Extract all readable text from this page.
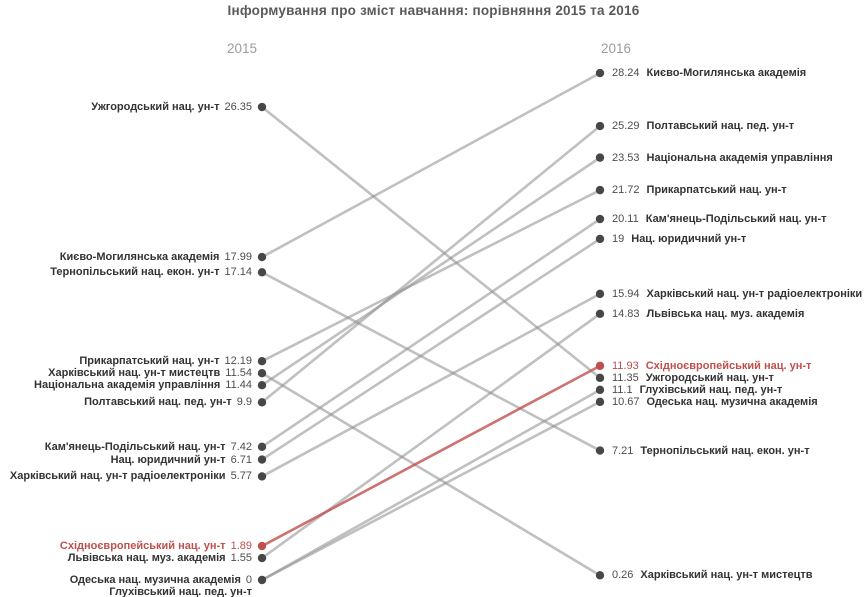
Інформування про зміст навчання: порівняння 2015 та 2016
2015	2016
Києво-Могилянська академія 17.99
28.24 Києво-Могилянська академія
Полтавський нац. пед. ун-т 9.9
25.29 Полтавський нац. пед. ун-т
Національна академія управління 11.44
23.53 Національна академія управління
Прикарпатський нац. ун-т 12.19
21.72 Прикарпатський нац. ун-т
Кам'янець-Подільський нац. ун-т 7.42
20.11 Кам'янець-Подільський нац. ун-т
Нац. юридичний ун-т 6.71
19 Нац. юридичний ун-т
Харківський нац. ун-т радіоелектроніки 5.77
15.94 Харківський нац. ун-т радіоелектроніки
Львівська нац. муз. академія 1.55
14.83 Львівська нац. муз. академія
Східноєвропейський нац. ун-т 1.89
11.93 Східноєвропейський нац. ун-т
Ужгородський нац. ун-т 26.35
11.35 Ужгородський нац. ун-т
Глухівський нац. пед. ун-т
11.1 Глухівський нац. пед. ун-т
Одеська нац. музична академія 0
10.67 Одеська нац. музична академія
Тернопільський нац. екон. ун-т 17.14
7.21 Тернопільський нац. екон. ун-т
Харківський нац. ун-т мистецтв 11.54
0.26 Харківський нац. ун-т мистецтв
